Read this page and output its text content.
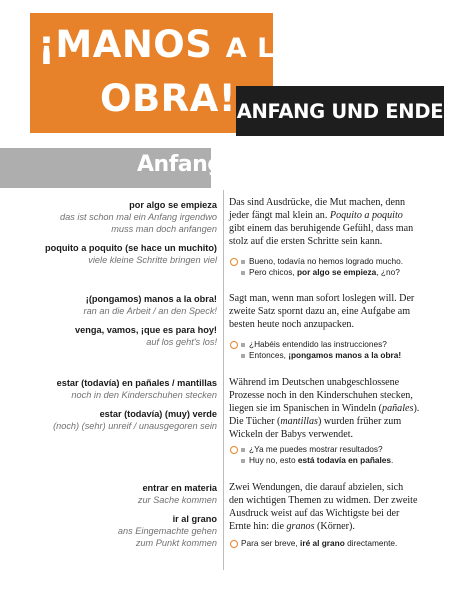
¡MANOS A LA
OBRA! ANFANG UND ENDE
Anfang
por algo se empieza
das ist schon mal ein Anfang irgendwo
muss man doch anfangen
poquito a poquito (se hace un muchito)
viele kleine Schritte bringen viel
Das sind Ausdrücke, die Mut machen, denn
jeder fängt mal klein an. Poquito a poquito
gibt einem das beruhigende Gefühl, dass man
stolz auf die ersten Schritte sein kann.
Bueno, todavía no hemos logrado mucho.
Pero chicos, por algo se empieza, ¿no?
¡(pongamos) manos a la obra!
ran an die Arbeit / an den Speck!
venga, vamos, ¡que es para hoy!
auf los geht's los!
Sagt man, wenn man sofort loslegen will. Der
zweite Satz spornt dazu an, eine Aufgabe am
besten heute noch anzupacken.
¿Habéis entendido las instrucciones?
Entonces, ¡pongamos manos a la obra!
estar (todavía) en pañales / mantillas
noch in den Kinderschuhen stecken
estar (todavía) (muy) verde
(noch) (sehr) unreif / unausgegoren sein
Während im Deutschen unabgeschlossene
Prozesse noch in den Kinderschuhen stecken,
liegen sie im Spanischen in Windeln (pañales).
Die Tücher (mantillas) wurden früher zum
Wickeln der Babys verwendet.
¿Ya me puedes mostrar resultados?
Huy no, esto está todavía en pañales.
entrar en materia
zur Sache kommen
ir al grano
ans Eingemachte gehen
zum Punkt kommen
Zwei Wendungen, die darauf abzielen, sich
den wichtigen Themen zu widmen. Der zweite
Ausdruck weist auf das Wichtigste bei der
Ernte hin: die granos (Körner).
Para ser breve, iré al grano directamente.
